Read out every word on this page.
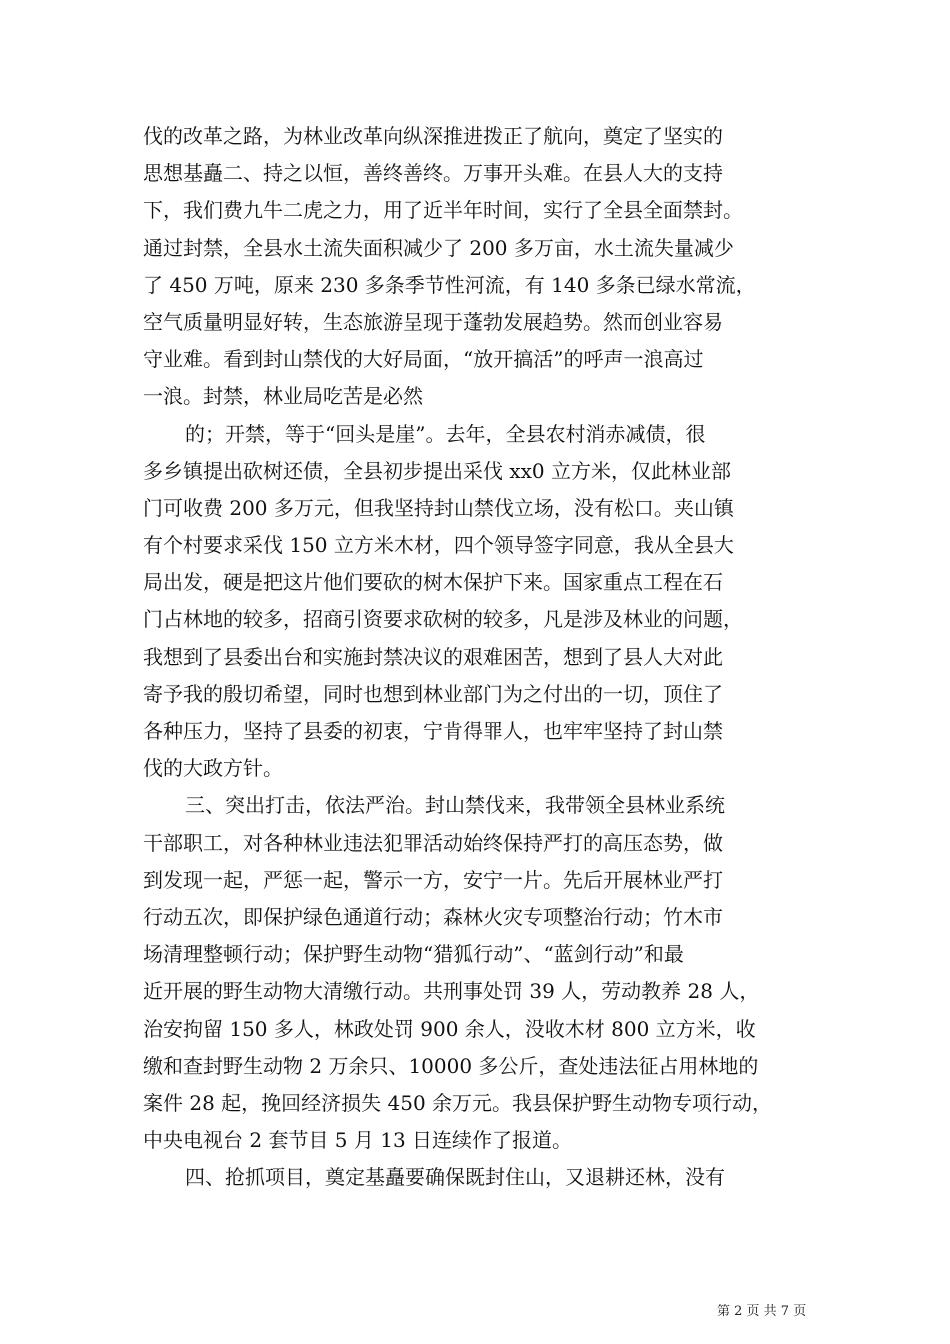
伐的改革之路，为林业改革向纵深推进拨正了航向，奠定了坚实的
思想基矗二、持之以恒，善终善终。万事开头难。在县人大的支持
下，我们费九牛二虎之力，用了近半年时间，实行了全县全面禁封。
通过封禁，全县水土流失面积减少了 200 多万亩，水土流失量减少
了 450 万吨，原来 230 多条季节性河流，有 140 多条已绿水常流，
空气质量明显好转，生态旅游呈现于蓬勃发展趋势。然而创业容易
守业难。看到封山禁伐的大好局面，“放开搞活”的呼声一浪高过
一浪。封禁，林业局吃苦是必然
的；开禁，等于“回头是崖”。去年，全县农村消赤减债，很
多乡镇提出砍树还债，全县初步提出采伐 xx0 立方米，仅此林业部
门可收费 200 多万元，但我坚持封山禁伐立场，没有松口。夹山镇
有个村要求采伐 150 立方米木材，四个领导签字同意，我从全县大
局出发，硬是把这片他们要砍的树木保护下来。国家重点工程在石
门占林地的较多，招商引资要求砍树的较多，凡是涉及林业的问题，
我想到了县委出台和实施封禁决议的艰难困苦，想到了县人大对此
寄予我的殷切希望，同时也想到林业部门为之付出的一切，顶住了
各种压力，坚持了县委的初衷，宁肯得罪人，也牢牢坚持了封山禁
伐的大政方针。
三、突出打击，依法严治。封山禁伐来，我带领全县林业系统
干部职工，对各种林业违法犯罪活动始终保持严打的高压态势，做
到发现一起，严惩一起，警示一方，安宁一片。先后开展林业严打
行动五次，即保护绿色通道行动；森林火灾专项整治行动；竹木市
场清理整顿行动；保护野生动物“猎狐行动”、“蓝剑行动”和最
近开展的野生动物大清缴行动。共刑事处罚 39 人，劳动教养 28 人，
治安拘留 150 多人，林政处罚 900 余人，没收木材 800 立方米，收
缴和查封野生动物 2 万余只、10000 多公斤，查处违法征占用林地的
案件 28 起，挽回经济损失 450 余万元。我县保护野生动物专项行动，
中央电视台 2 套节目 5 月 13 日连续作了报道。
四、抢抓项目，奠定基矗要确保既封住山，又退耕还林，没有
第 2 页 共 7 页
